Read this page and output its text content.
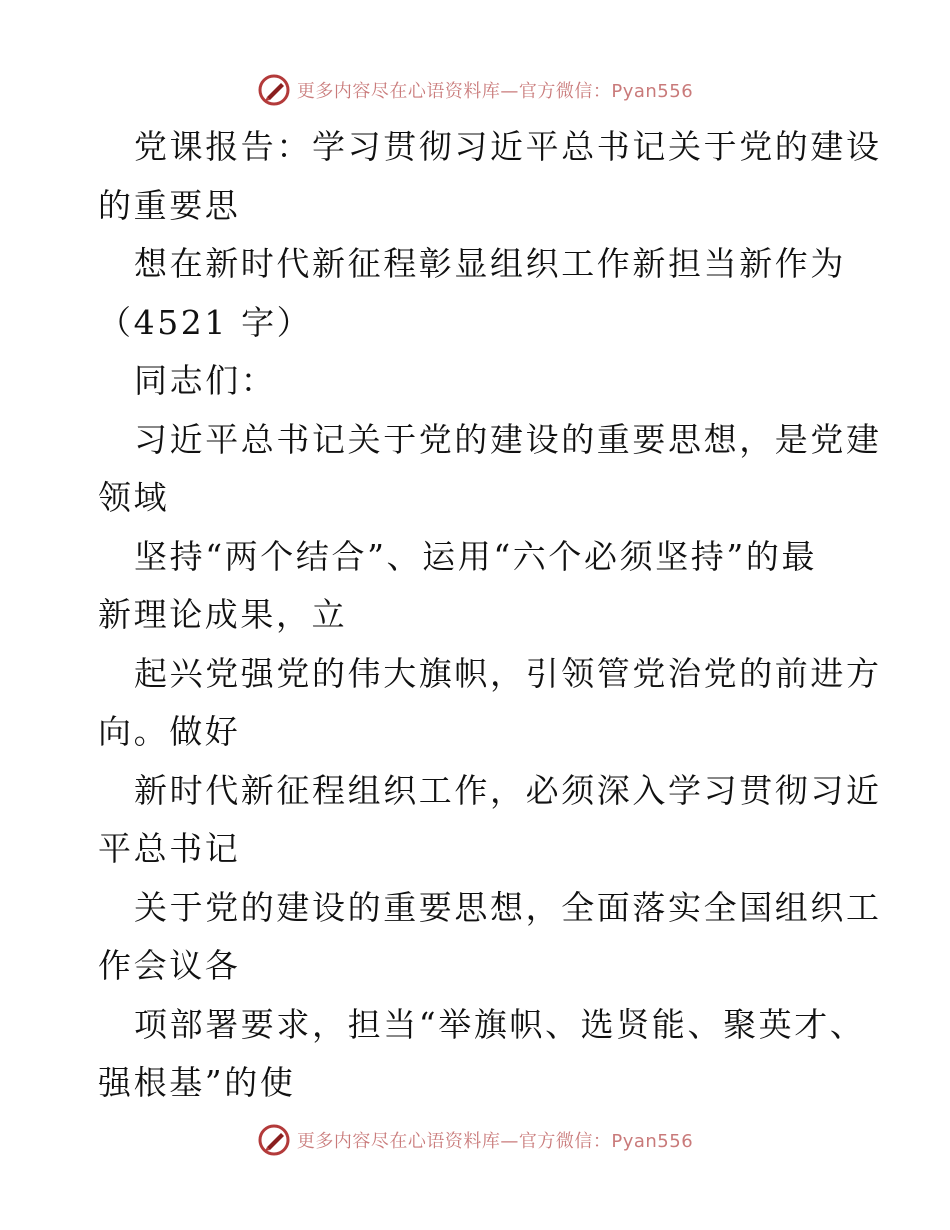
更多内容尽在心语资料库—官方微信：Pyan556
党课报告：学习贯彻习近平总书记关于党的建设
的重要思
想在新时代新征程彰显组织工作新担当新作为
（4521 字）
同志们：
习近平总书记关于党的建设的重要思想，是党建
领域
坚持“两个结合”、运用“六个必须坚持”的最
新理论成果，立
起兴党强党的伟大旗帜，引领管党治党的前进方
向。做好
新时代新征程组织工作，必须深入学习贯彻习近
平总书记
关于党的建设的重要思想，全面落实全国组织工
作会议各
项部署要求，担当“举旗帜、选贤能、聚英才、
强根基”的使
更多内容尽在心语资料库—官方微信：Pyan556
